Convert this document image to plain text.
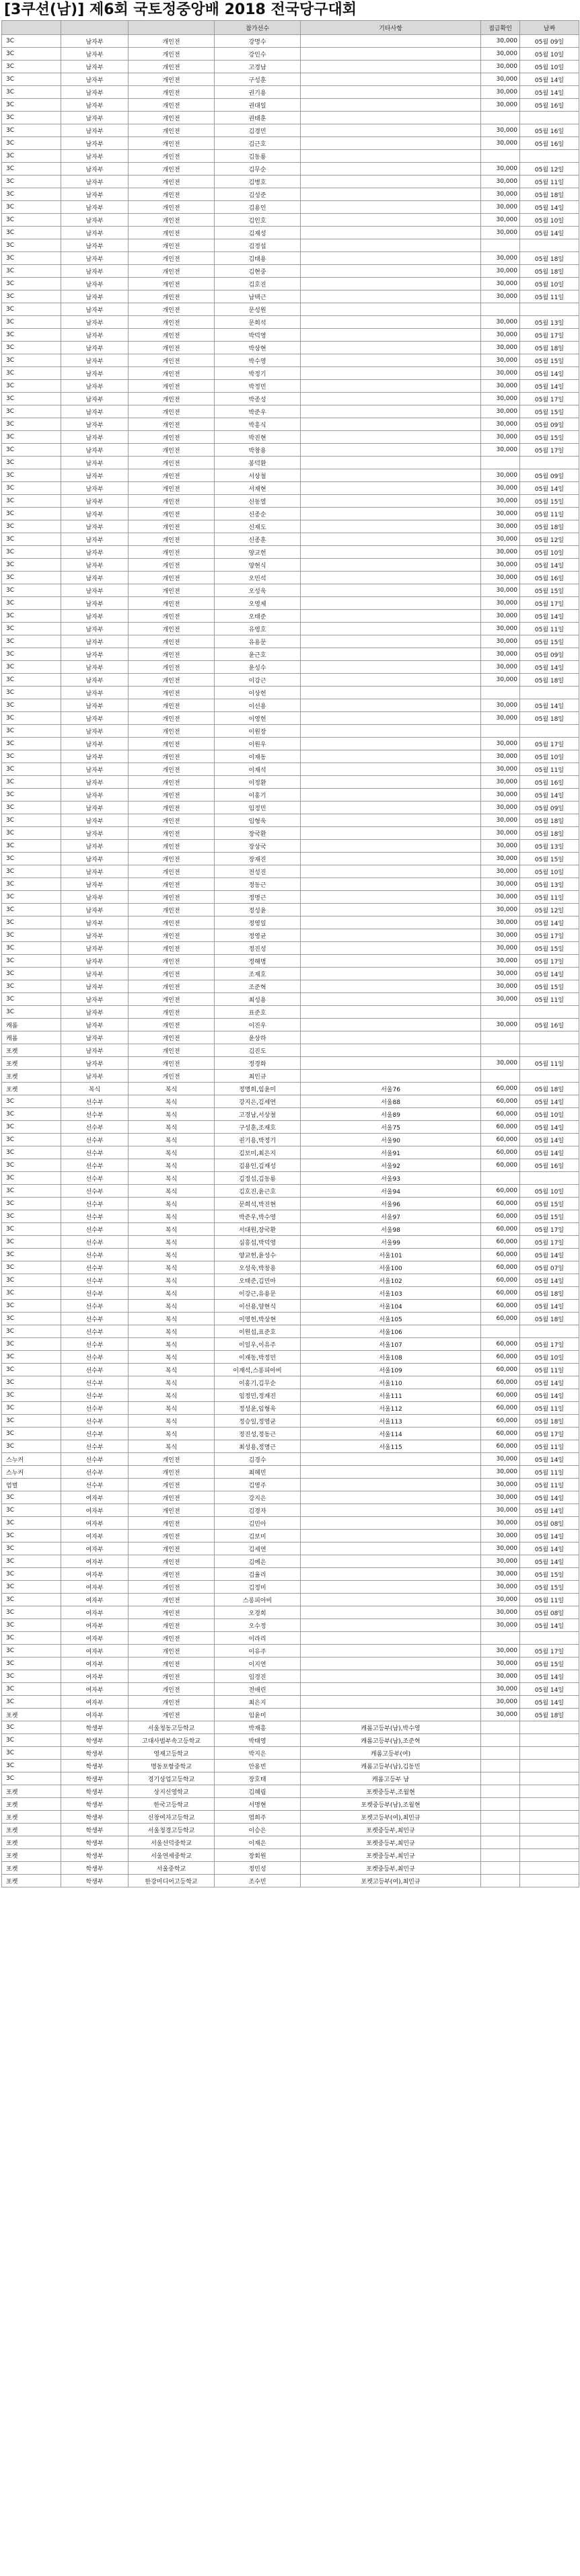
[3쿠션(남)] 제6회 국토정중앙배 2018 전국당구대회
			참가선수	기타사항	접금확인	날짜
3C	남자부	개인전	강명수		30,000	05월 09일
3C	남자부	개인전	강인수		30,000	05월 10일
3C	남자부	개인전	고경남		30,000	05월 10일
3C	남자부	개인전	구성훈		30,000	05월 14일
3C	남자부	개인전	권기용		30,000	05월 14일
3C	남자부	개인전	권대일		30,000	05월 16일
3C	남자부	개인전	권태훈			
3C	남자부	개인전	김경민		30,000	05월 16일
3C	남자부	개인전	김근호		30,000	05월 16일
3C	남자부	개인전	김동룡			
3C	남자부	개인전	김무순		30,000	05월 12일
3C	남자부	개인전	김병호		30,000	05월 11일
3C	남자부	개인전	김성준		30,000	05월 18일
3C	남자부	개인전	김용인		30,000	05월 14일
3C	남자부	개인전	김인호		30,000	05월 10일
3C	남자부	개인전	김재성		30,000	05월 14일
3C	남자부	개인전	김정섭			
3C	남자부	개인전	김태용		30,000	05월 18일
3C	남자부	개인전	김현중		30,000	05월 18일
3C	남자부	개인전	김호진		30,000	05월 10일
3C	남자부	개인전	남택근		30,000	05월 11일
3C	남자부	개인전	문성원			
3C	남자부	개인전	문희석		30,000	05월 13일
3C	남자부	개인전	박덕영		30,000	05월 17일
3C	남자부	개인전	박상현		30,000	05월 18일
3C	남자부	개인전	박수영		30,000	05월 15일
3C	남자부	개인전	박정기		30,000	05월 14일
3C	남자부	개인전	박정민		30,000	05월 14일
3C	남자부	개인전	박종성		30,000	05월 17일
3C	남자부	개인전	박준우		30,000	05월 15일
3C	남자부	개인전	박흥식		30,000	05월 09일
3C	남자부	개인전	박진현		30,000	05월 15일
3C	남자부	개인전	박창용		30,000	05월 17일
3C	남자부	개인전	봉덕환			
3C	남자부	개인전	서상철		30,000	05월 09일
3C	남자부	개인전	서재현		30,000	05월 14일
3C	남자부	개인전	신동열		30,000	05월 15일
3C	남자부	개인전	신종순		30,000	05월 11일
3C	남자부	개인전	신재도		30,000	05월 18일
3C	남자부	개인전	신종훈		30,000	05월 12일
3C	남자부	개인전	양교헌		30,000	05월 10일
3C	남자부	개인전	양현식		30,000	05월 14일
3C	남자부	개인전	오민석		30,000	05월 16일
3C	남자부	개인전	오성욱		30,000	05월 15일
3C	남자부	개인전	오영제		30,000	05월 17일
3C	남자부	개인전	오태준		30,000	05월 14일
3C	남자부	개인전	유영호		30,000	05월 11일
3C	남자부	개인전	유용문		30,000	05월 15일
3C	남자부	개인전	윤근호		30,000	05월 09일
3C	남자부	개인전	윤성수		30,000	05월 14일
3C	남자부	개인전	이강근		30,000	05월 18일
3C	남자부	개인전	이상헌			
3C	남자부	개인전	이선용		30,000	05월 14일
3C	남자부	개인전	이영헌		30,000	05월 18일
3C	남자부	개인전	이원장			
3C	남자부	개인전	이원우		30,000	05월 17일
3C	남자부	개인전	이재동		30,000	05월 10일
3C	남자부	개인전	이재석		30,000	05월 11일
3C	남자부	개인전	이정환		30,000	05월 16일
3C	남자부	개인전	이홍기		30,000	05월 14일
3C	남자부	개인전	임정민		30,000	05월 09일
3C	남자부	개인전	임형욱		30,000	05월 18일
3C	남자부	개인전	장국환		30,000	05월 18일
3C	남자부	개인전	장상국		30,000	05월 13일
3C	남자부	개인전	장재진		30,000	05월 15일
3C	남자부	개인전	전성진		30,000	05월 10일
3C	남자부	개인전	정동근		30,000	05월 13일
3C	남자부	개인전	정명근		30,000	05월 11일
3C	남자부	개인전	정성윤		30,000	05월 12일
3C	남자부	개인전	정영일		30,000	05월 14일
3C	남자부	개인전	정영균		30,000	05월 17일
3C	남자부	개인전	정진성		30,000	05월 15일
3C	남자부	개인전	정해명		30,000	05월 17일
3C	남자부	개인전	조재호		30,000	05월 14일
3C	남자부	개인전	조준혁		30,000	05월 15일
3C	남자부	개인전	최성용		30,000	05월 11일
3C	남자부	개인전	표준호			
캐롬	남자부	개인전	이진우		30,000	05월 16일
캐롬	남자부	개인전	윤상하			
포켓	남자부	개인전	김진도			
포켓	남자부	개인전	정경화		30,000	05월 11일
포켓	남자부	개인전	최인규			
포켓	복식	복식	정명희,임윤미	서울76	60,000	05월 18일
3C	선수부	복식	강지은,김세연	서울88	60,000	05월 14일
3C	선수부	복식	고경남,서상철	서울89	60,000	05월 10일
3C	선수부	복식	구성훈,조재호	서울75	60,000	05월 14일
3C	선수부	복식	권기용,박정기	서울90	60,000	05월 14일
3C	선수부	복식	김보미,최은지	서울91	60,000	05월 14일
3C	선수부	복식	김용인,김재성	서울92	60,000	05월 16일
3C	선수부	복식	김정섭,김동룡	서울93		
3C	선수부	복식	김호진,윤근호	서울94	60,000	05월 10일
3C	선수부	복식	문희석,박진현	서울96	60,000	05월 15일
3C	선수부	복식	박준우,박수영	서울97	60,000	05월 15일
3C	선수부	복식	서대원,장국환	서울98	60,000	05월 17일
3C	선수부	복식	심흥섭,박덕영	서울99	60,000	05월 17일
3C	선수부	복식	양교헌,윤성수	서울101	60,000	05월 14일
3C	선수부	복식	오성욱,박창용	서울100	60,000	05월 07일
3C	선수부	복식	오태준,김민아	서울102	60,000	05월 14일
3C	선수부	복식	이강근,유용문	서울103	60,000	05월 18일
3C	선수부	복식	이선용,양현식	서울104	60,000	05월 14일
3C	선수부	복식	이영헌,박상현	서울105	60,000	05월 18일
3C	선수부	복식	이원섭,표준호	서울106		
3C	선수부	복식	이일우,이유주	서울107	60,000	05월 17일
3C	선수부	복식	이재동,박정민	서울108	60,000	05월 10일
3C	선수부	복식	이재석,스롱피아비	서울109	60,000	05월 11일
3C	선수부	복식	이홍기,김무순	서울110	60,000	05월 14일
3C	선수부	복식	임정민,정재진	서울111	60,000	05월 14일
3C	선수부	복식	정성윤,임형욱	서울112	60,000	05월 11일
3C	선수부	복식	정승일,정영균	서울113	60,000	05월 18일
3C	선수부	복식	정진성,정동근	서울114	60,000	05월 17일
3C	선수부	복식	최성용,정명근	서울115	60,000	05월 11일
스누커	선수부	개인전	김경수		30,000	05월 14일
스누커	선수부	개인전	최혜민		30,000	05월 11일
엄벌	선수부	개인전	김영주		30,000	05월 11일
3C	여자부	개인전	강지은		30,000	05월 14일
3C	여자부	개인전	김경자		30,000	05월 14일
3C	여자부	개인전	김민아		30,000	05월 08일
3C	여자부	개인전	김보미		30,000	05월 14일
3C	여자부	개인전	김세연		30,000	05월 14일
3C	여자부	개인전	김예은		30,000	05월 14일
3C	여자부	개인전	김율리		30,000	05월 15일
3C	여자부	개인전	김정미		30,000	05월 15일
3C	여자부	개인전	스롱피아비		30,000	05월 11일
3C	여자부	개인전	오경희		30,000	05월 08일
3C	여자부	개인전	오수정		30,000	05월 14일
3C	여자부	개인전	이라리			
3C	여자부	개인전	이유주		30,000	05월 17일
3C	여자부	개인전	이지연		30,000	05월 15일
3C	여자부	개인전	임경진		30,000	05월 14일
3C	여자부	개인전	전애린		30,000	05월 14일
3C	여자부	개인전	최은지		30,000	05월 14일
포켓	여자부	개인전	임윤미		30,000	05월 18일
3C	학생부	서울청동고등학교	박재흥	캐롬고등부(남),박수영		
3C	학생부	고대사범부속고등학교	박태영	캐롬고등부(남),조준혁		
3C	학생부	영재고등학교	박지은	캐롬고등부(여)		
3C	학생부	명동포항중학교	안용빈	캐롬고등부(남),김동민		
3C	학생부	경기상업고등학교	장호태	캐롬고등부 남		
포켓	학생부	상지신영학교	김혜림	포켓중등부,조월현		
포켓	학생부	한국고등학교	서명현	포켓중등부(남),조월현		
포켓	학생부	신창여자고등학교	염희주	포켓고등부(여),최민규		
포켓	학생부	서울청경고등학교	이승은	포켓중등부,최민규		
포켓	학생부	서울선덕중학교	이재은	포켓중등부,최민규		
포켓	학생부	서울연세중학교	장회원	포켓중등부,최민규		
포켓	학생부	서울중학교	정민성	포켓중등부,최민규		
포켓	학생부	한강미디어고등학교	조수민	포켓고등부(여),최민규		
